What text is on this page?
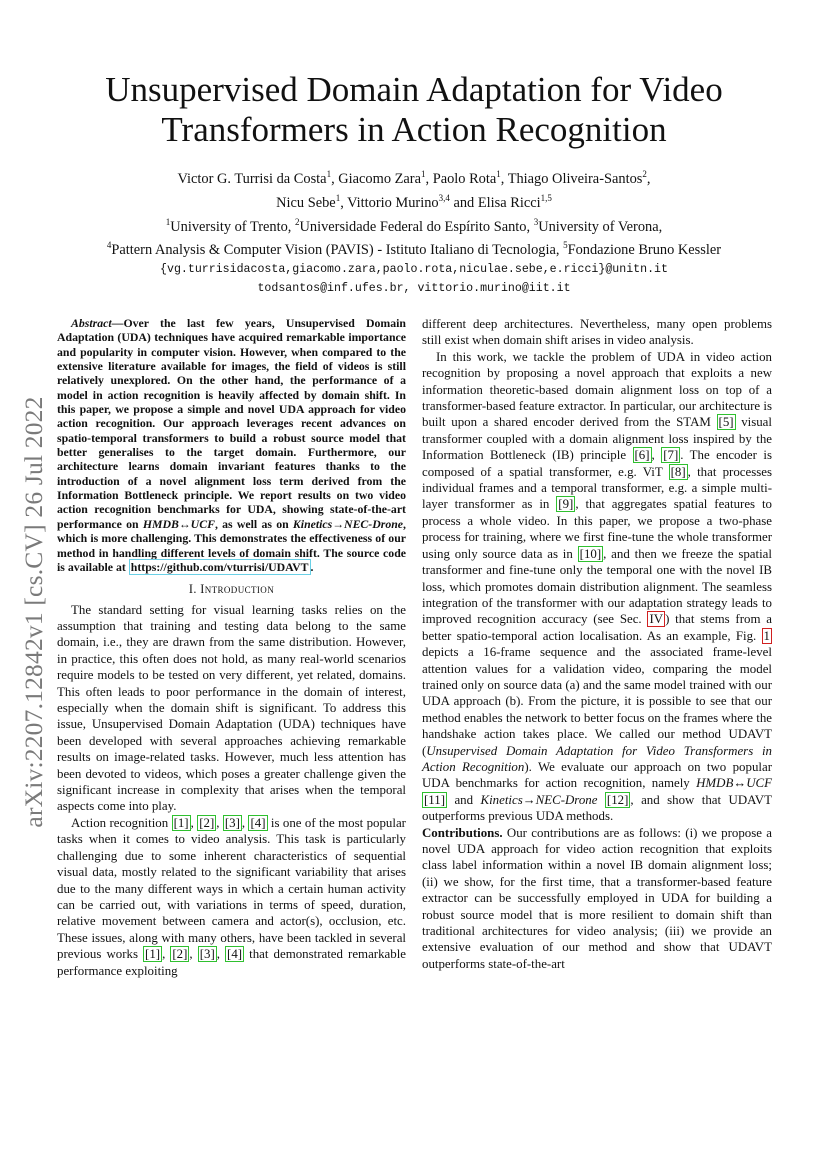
arXiv:2207.12842v1 [cs.CV] 26 Jul 2022
Unsupervised Domain Adaptation for Video Transformers in Action Recognition
Victor G. Turrisi da Costa$^1$, Giacomo Zara$^1$, Paolo Rota$^1$, Thiago Oliveira-Santos$^2$,
Nicu Sebe$^1$, Vittorio Murino$^{3,4}$ and Elisa Ricci$^{1,5}$
$^1$University of Trento, $^2$Universidade Federal do Espírito Santo, $^3$University of Verona,
$^4$Pattern Analysis & Computer Vision (PAVIS) - Istituto Italiano di Tecnologia, $^5$Fondazione Bruno Kessler
{vg.turrisidacosta,giacomo.zara,paolo.rota,niculae.sebe,e.ricci}@unitn.it
todsantos@inf.ufes.br, vittorio.murino@iit.it

Abstract—Over the last few years, Unsupervised Domain Adaptation (UDA) techniques have acquired remarkable importance and popularity in computer vision. However, when compared to the extensive literature available for images, the field of videos is still relatively unexplored. On the other hand, the performance of a model in action recognition is heavily affected by domain shift. In this paper, we propose a simple and novel UDA approach for video action recognition. Our approach leverages recent advances on spatio-temporal transformers to build a robust source model that better generalises to the target domain. Furthermore, our architecture learns domain invariant features thanks to the introduction of a novel alignment loss term derived from the Information Bottleneck principle. We report results on two video action recognition benchmarks for UDA, showing state-of-the-art performance on HMDB↔UCF, as well as on Kinetics→NEC-Drone, which is more challenging. This demonstrates the effectiveness of our method in handling different levels of domain shift. The source code is available at https://github.com/vturrisi/UDAVT .

I. Introduction

The standard setting for visual learning tasks relies on the assumption that training and testing data belong to the same domain, i.e., they are drawn from the same distribution. However, in practice, this often does not hold, as many real-world scenarios require models to be tested on very different, yet related, domains. This often leads to poor performance in the domain of interest, especially when the domain shift is significant. To address this issue, Unsupervised Domain Adaptation (UDA) techniques have been developed with several approaches achieving remarkable results on image-related tasks. However, much less attention has been devoted to videos, which poses a greater challenge given the significant increase in complexity that arises when the temporal aspects come into play.

Action recognition [1] , [2] , [3] , [4] is one of the most popular tasks when it comes to video analysis. This task is particularly challenging due to some inherent characteristics of sequential visual data, mostly related to the significant variability that arises due to the many different ways in which a certain human activity can be carried out, with variations in terms of speed, duration, relative movement between camera and actor(s), occlusion, etc. These issues, along with many others, have been tackled in several previous works [1] , [2] , [3] , [4] that demonstrated remarkable performance exploiting

different deep architectures. Nevertheless, many open problems still exist when domain shift arises in video analysis.

In this work, we tackle the problem of UDA in video action recognition by proposing a novel approach that exploits a new information theoretic-based domain alignment loss on top of a transformer-based feature extractor. In particular, our architecture is built upon a shared encoder derived from the STAM [5] visual transformer coupled with a domain alignment loss inspired by the Information Bottleneck (IB) principle [6] , [7] . The encoder is composed of a spatial transformer, e.g. ViT [8] , that processes individual frames and a temporal transformer, e.g. a simple multi-layer transformer as in [9] , that aggregates spatial features to process a whole video. In this paper, we propose a two-phase process for training, where we first fine-tune the whole transformer using only source data as in [10] , and then we freeze the spatial transformer and fine-tune only the temporal one with the novel IB loss, which promotes domain distribution alignment. The seamless integration of the transformer with our adaptation strategy leads to improved recognition accuracy (see Sec. IV ) that stems from a better spatio-temporal action localisation. As an example, Fig. 1 depicts a 16-frame sequence and the associated frame-level attention values for a validation video, comparing the model trained only on source data (a) and the same model trained with our UDA approach (b). From the picture, it is possible to see that our method enables the network to better focus on the frames where the handshake action takes place. We called our method UDAVT (Unsupervised Domain Adaptation for Video Transformers in Action Recognition). We evaluate our approach on two popular UDA benchmarks for action recognition, namely HMDB↔UCF [11] and Kinetics→NEC-Drone [12] , and show that UDAVT outperforms previous UDA methods.

Contributions. Our contributions are as follows: (i) we propose a novel UDA approach for video action recognition that exploits class label information within a novel IB domain alignment loss; (ii) we show, for the first time, that a transformer-based feature extractor can be successfully employed in UDA for building a robust source model that is more resilient to domain shift than traditional architectures for video analysis; (iii) we provide an extensive evaluation of our method and show that UDAVT outperforms state-of-the-art
